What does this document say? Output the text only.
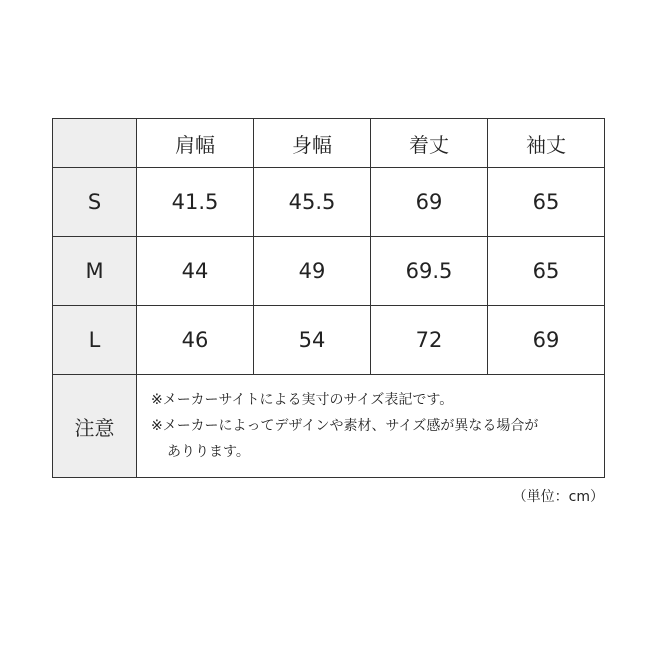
	肩幅	身幅	着丈	袖丈
S	41.5	45.5	69	65
M	44	49	69.5	65
L	46	54	72	69
注意	※メーカーサイトによる実寸のサイズ表記です。
※メーカーによってデザインや素材、サイズ感が異なる場合が
ありります。			
（単位：cm）
